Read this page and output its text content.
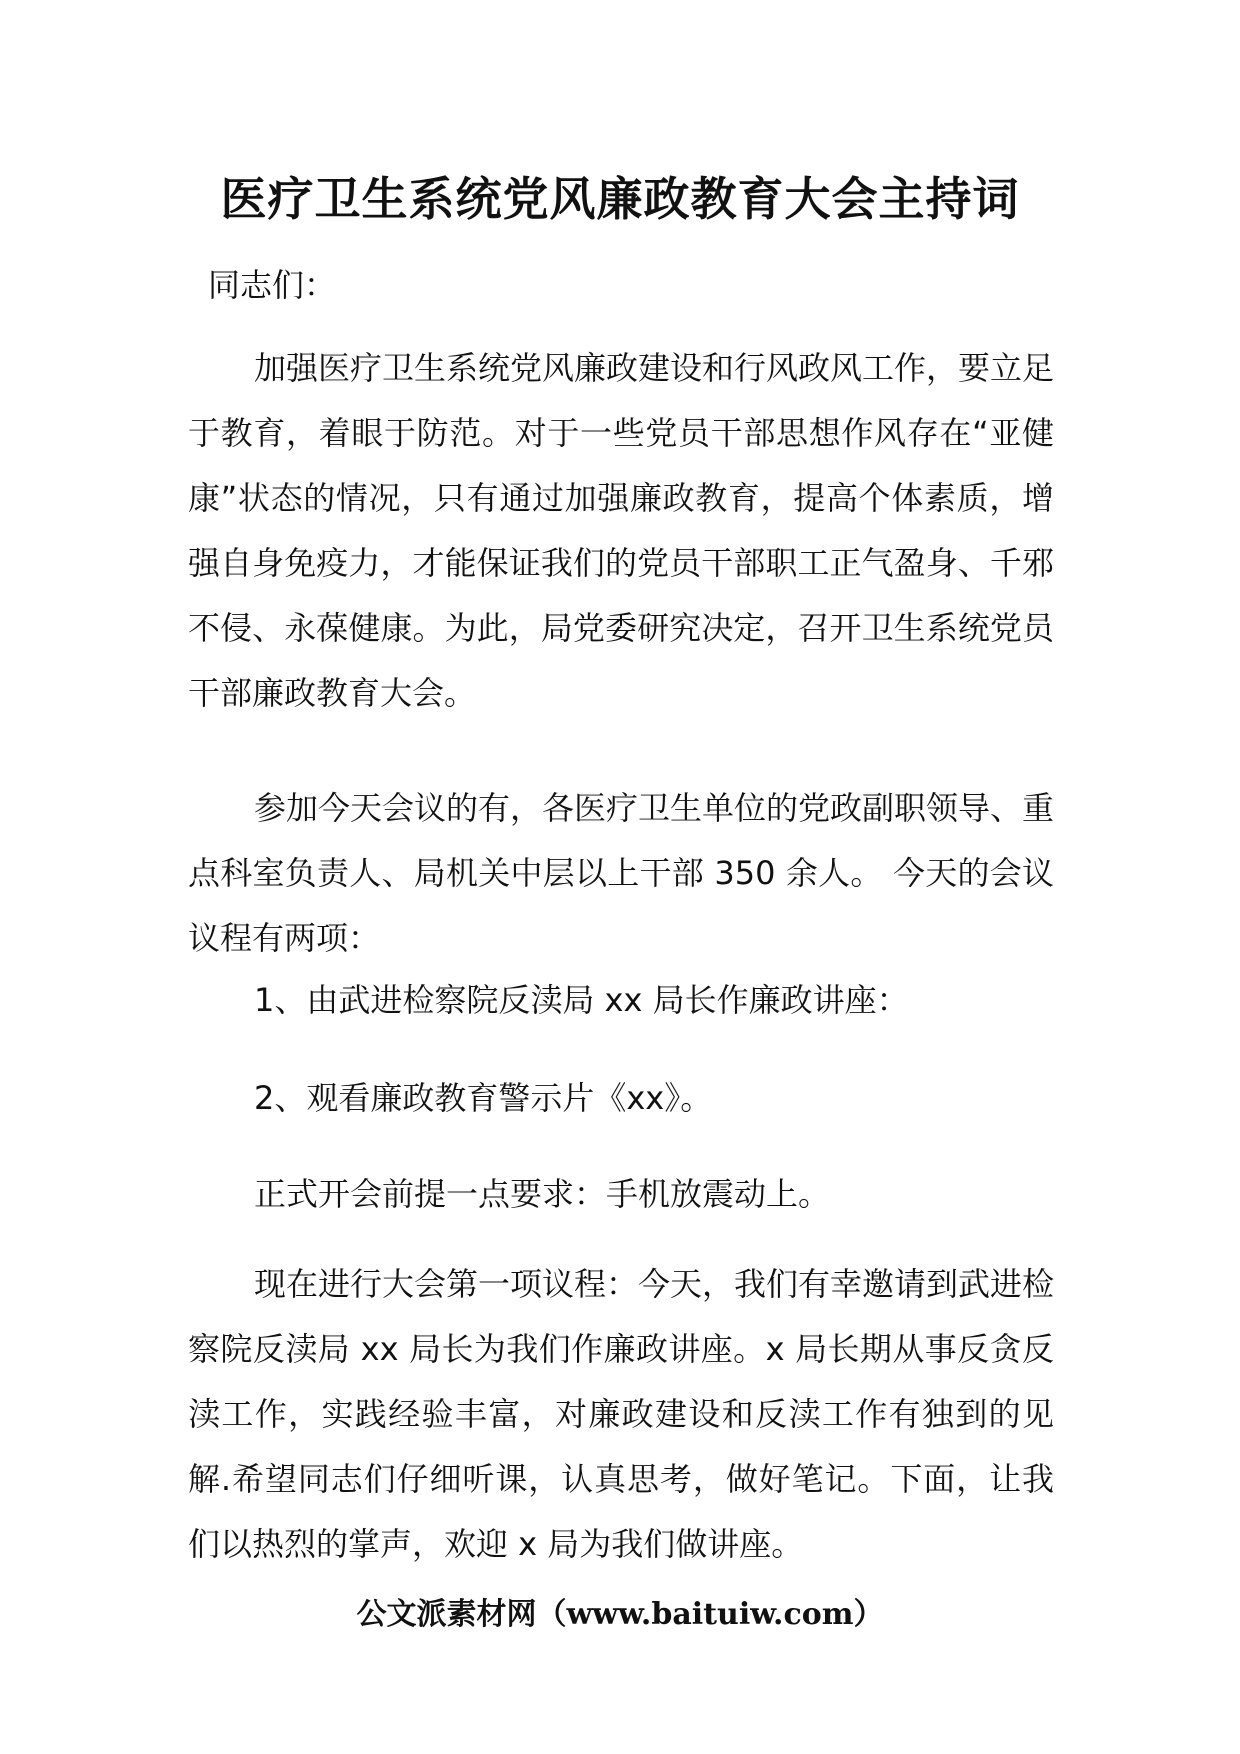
医疗卫生系统党风廉政教育大会主持词

同志们：

加强医疗卫生系统党风廉政建设和行风政风工作，要立足于教育，着眼于防范。对于一些党员干部思想作风存在“亚健康”状态的情况，只有通过加强廉政教育，提高个体素质，增强自身免疫力，才能保证我们的党员干部职工正气盈身、千邪不侵、永葆健康。为此，局党委研究决定，召开卫生系统党员干部廉政教育大会。

参加今天会议的有，各医疗卫生单位的党政副职领导、重点科室负责人、局机关中层以上干部 350 余人。 今天的会议议程有两项：

1、由武进检察院反渎局 xx 局长作廉政讲座：

2、观看廉政教育警示片《xx》。

正式开会前提一点要求：手机放震动上。

现在进行大会第一项议程：今天，我们有幸邀请到武进检察院反渎局 xx 局长为我们作廉政讲座。x 局长期从事反贪反渎工作，实践经验丰富，对廉政建设和反渎工作有独到的见解.希望同志们仔细听课，认真思考，做好笔记。下面，让我们以热烈的掌声，欢迎 x 局为我们做讲座。

公文派素材网（www.baituiw.com）
